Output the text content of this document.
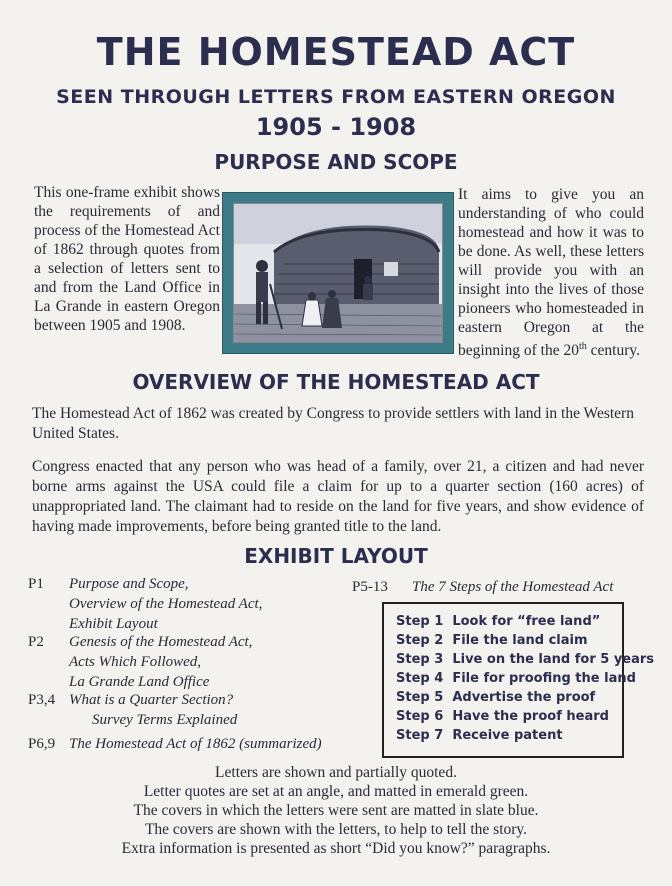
THE HOMESTEAD ACT
SEEN THROUGH LETTERS FROM EASTERN OREGON
1905 - 1908
PURPOSE AND SCOPE

This one-frame exhibit shows the requirements of and process of the Homestead Act of 1862 through quotes from a selection of letters sent to and from the Land Office in La Grande in eastern Oregon between 1905 and 1908.

It aims to give you an understanding of who could homestead and how it was to be done. As well, these letters will provide you with an insight into the lives of those pioneers who homesteaded in eastern Oregon at the beginning of the 20th century.

OVERVIEW OF THE HOMESTEAD ACT

The Homestead Act of 1862 was created by Congress to provide settlers with land in the Western United States.

Congress enacted that any person who was head of a family, over 21, a citizen and had never borne arms against the USA could file a claim for up to a quarter section (160 acres) of unappropriated land. The claimant had to reside on the land for five years, and show evidence of having made improvements, before being granted title to the land.

EXHIBIT LAYOUT
P1	Purpose and Scope,
Overview of the Homestead Act,
Exhibit Layout
P2	Genesis of the Homestead Act,
Acts Which Followed,
La Grande Land Office
P3,4 What is a Quarter Section?
Survey Terms Explained
P6,9 The Homestead Act of 1862 (summarized)
P5-13	The 7 Steps of the Homestead Act
Step 1 Look for “free land”
Step 2 File the land claim
Step 3 Live on the land for 5 years
Step 4 File for proofing the land
Step 5 Advertise the proof
Step 6 Have the proof heard
Step 7 Receive patent

Letters are shown and partially quoted.

Letter quotes are set at an angle, and matted in emerald green.

The covers in which the letters were sent are matted in slate blue.

The covers are shown with the letters, to help to tell the story.

Extra information is presented as short “Did you know?” paragraphs.
